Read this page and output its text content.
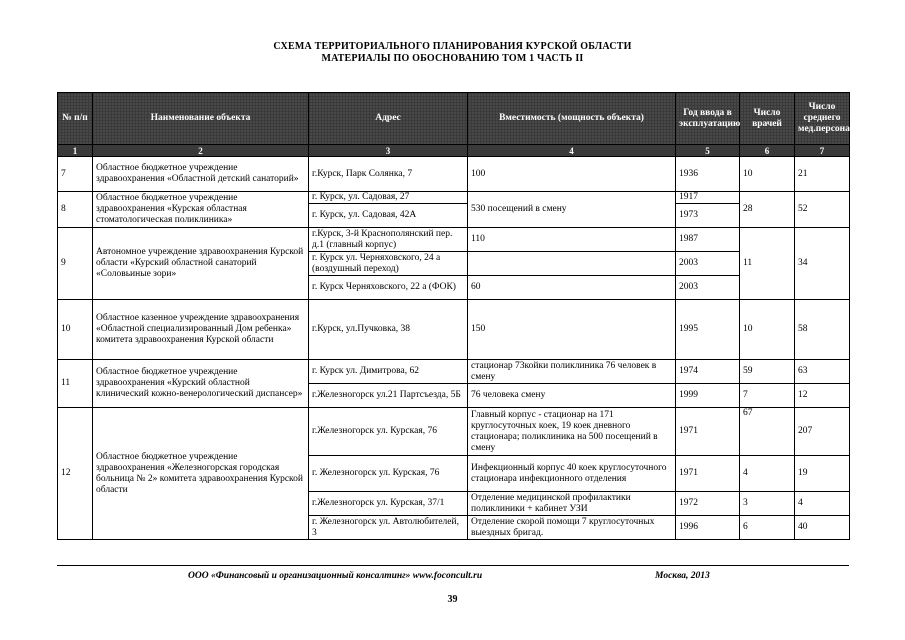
СХЕМА ТЕРРИТОРИАЛЬНОГО ПЛАНИРОВАНИЯ КУРСКОЙ ОБЛАСТИ
МАТЕРИАЛЫ ПО ОБОСНОВАНИЮ ТОМ 1 ЧАСТЬ II
№ п/п	Наименование объекта	Адрес	Вместимость (мощность объекта)	Год ввода в эксплуатацию	Число врачей	Число среднего мед.персонала
1	2	3	4	5	6	7
7	Областное бюджетное учреждение здравоохранения «Областной детский санаторий»	г.Курск, Парк Солянка, 7	100	1936	10	21
8	Областное бюджетное учреждение здравоохранения «Курская областная стоматологическая поликлиника»	г. Курск, ул. Садовая, 27	530 посещений в смену	1917	28	52
		г. Курск, ул. Садовая, 42А		1973		
9	Автономное учреждение здравоохранения Курской области «Курский областной санаторий «Соловьиные зори»	г.Курск, 3-й Краснополянский пер. д.1 (главный корпус)	110	1987	11	34
		г. Курск ул. Черняховского, 24 а (воздушный переход)		2003		
		г. Курск Черняховского, 22 а (ФОК)	60	2003		
10	Областное казенное учреждение здравоохранения «Областной специализированный Дом ребенка» комитета здравоохранения Курской области	г.Курск, ул.Пучковка, 38	150	1995	10	58
11	Областное бюджетное учреждение здравоохранения «Курский областной клинический кожно-венерологический диспансер»	г. Курск ул. Димитрова, 62	стационар 73койки поликлиника 76 человек в смену	1974	59	63
		г.Железногорск ул.21 Партсъезда, 5Б	76 человека смену	1999	7	12
12	Областное бюджетное учреждение здравоохранения «Железногорская городская больница № 2» комитета здравоохранения Курской области	г.Железногорск ул. Курская, 76	Главный корпус - стационар на 171 круглосуточных коек, 19 коек дневного стационара; поликлиника на 500 посещений в смену	1971	67	207
		г. Железногорск ул. Курская, 76	Инфекционный корпус 40 коек круглосуточного стационара инфекционного отделения	1971	4	19
		г.Железногорск ул. Курская, 37/1	Отделение медицинской профилактики поликлиники + кабинет УЗИ	1972	3	4
		г. Железногорск ул. Автолюбителей, 3	Отделение скорой помощи 7 круглосуточных выездных бригад.	1996	6	40
ООО «Финансовый и организационный консалтинг» www.foconcult.ru	Москва, 2013
39
